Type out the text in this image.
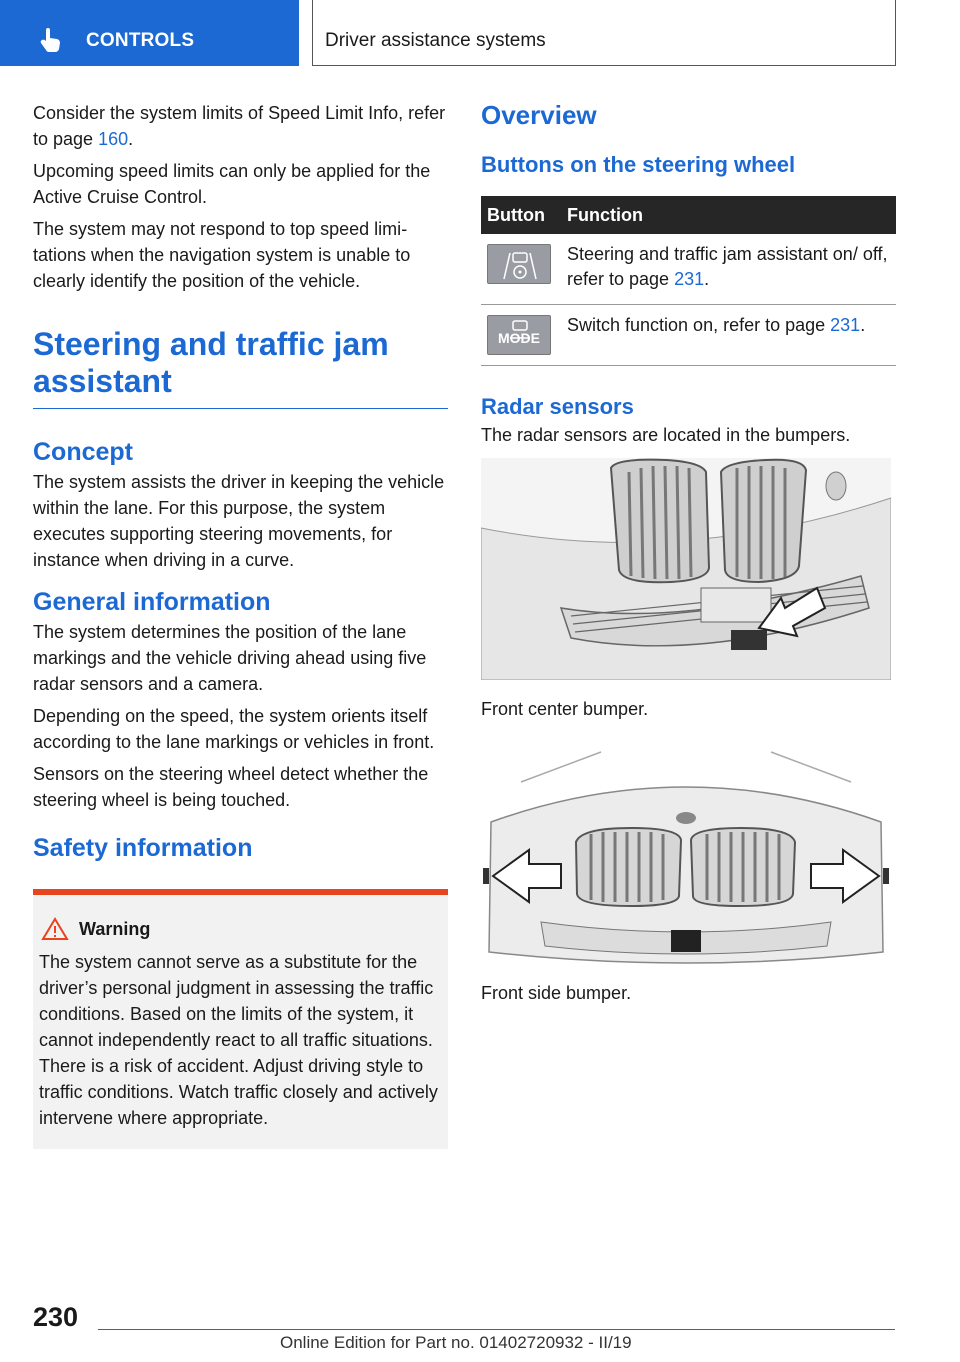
CONTROLS	Driver assistance systems

Consider the system limits of Speed Limit Info, refer to page 160.

Upcoming speed limits can only be applied for the Active Cruise Control.

The system may not respond to top speed limitations when the navigation system is unable to clearly identify the position of the vehicle.

Steering and traffic jam assistant
Concept

The system assists the driver in keeping the vehicle within the lane. For this purpose, the system executes supporting steering movements, for instance when driving in a curve.

General information

The system determines the position of the lane markings and the vehicle driving ahead using five radar sensors and a camera.

Depending on the speed, the system orients itself according to the lane markings or vehicles in front.

Sensors on the steering wheel detect whether the steering wheel is being touched.

Safety information
Warning

The system cannot serve as a substitute for the driver’s personal judgment in assessing the traffic conditions. Based on the limits of the system, it cannot independently react to all traffic situations. There is a risk of accident. Adjust driving style to traffic conditions. Watch traffic closely and actively intervene where appropriate.

Overview
Buttons on the steering wheel
Button	Function

	Steering and traffic jam assistant on/ off, refer to page 231.

MODE	Switch function on, refer to page 231.
Radar sensors

The radar sensors are located in the bumpers.

Front center bumper.

Front side bumper.

230
Online Edition for Part no. 01402720932 - II/19
